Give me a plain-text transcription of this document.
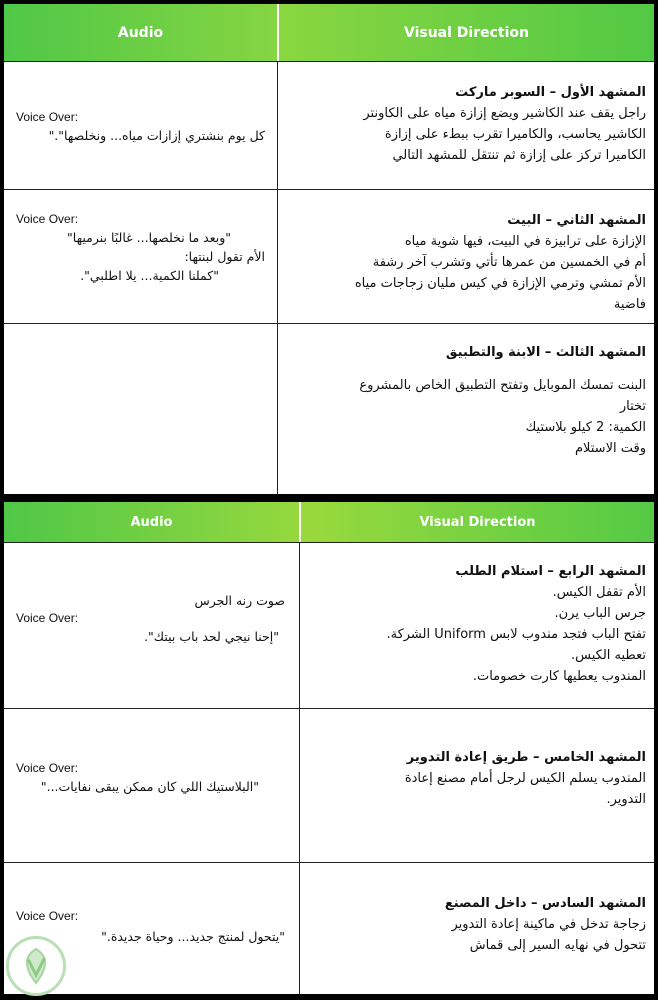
Audio	Visual Direction
Voice Over:
كل يوم بنشتري إزازات مياه... ونخلصها"."
المشهد الأول – السوبر ماركت
راجل يقف عند الكاشير ويضع إزازة مياه على الكاونتر
الكاشير يحاسب، والكاميرا تقرب ببطء على إزازة
الكاميرا تركز على إزازة ثم تنتقل للمشهد التالي
Voice Over:
"وبعد ما نخلصها... غالبًا بنرميها"
الأم تقول لبنتها:
"كملنا الكمية... يلا اطلبي".
المشهد الثاني – البيت
الإزازة على ترابيزة في البيت، فيها شوية مياه
أم في الخمسين من عمرها تأتي وتشرب آخر رشفة
الأم تمشي وترمي الإزازة في كيس مليان زجاجات مياه
فاضية
المشهد الثالث – الابنة والتطبيق
البنت تمسك الموبايل وتفتح التطبيق الخاص بالمشروع
تختار
الكمية: 2 كيلو بلاستيك
وقت الاستلام
Audio	Visual Direction
صوت رنه الجرس
Voice Over:
"إحنا نيجي لحد باب بيتك".
المشهد الرابع – استلام الطلب
الأم تقفل الكيس.
جرس الباب يرن.
تفتح الباب فتجد مندوب لابس Uniform الشركة.
تعطيه الكيس.
المندوب يعطيها كارت خصومات.
Voice Over:
"البلاستيك اللي كان ممكن يبقى نفايات..."
المشهد الخامس – طريق إعادة التدوير
المندوب يسلم الكيس لرجل أمام مصنع إعادة
التدوير.
Voice Over:
"يتحول لمنتج جديد... وحياة جديدة."
المشهد السادس – داخل المصنع
زجاجة تدخل في ماكينة إعادة التدوير
تتحول في نهايه السير إلى قماش
